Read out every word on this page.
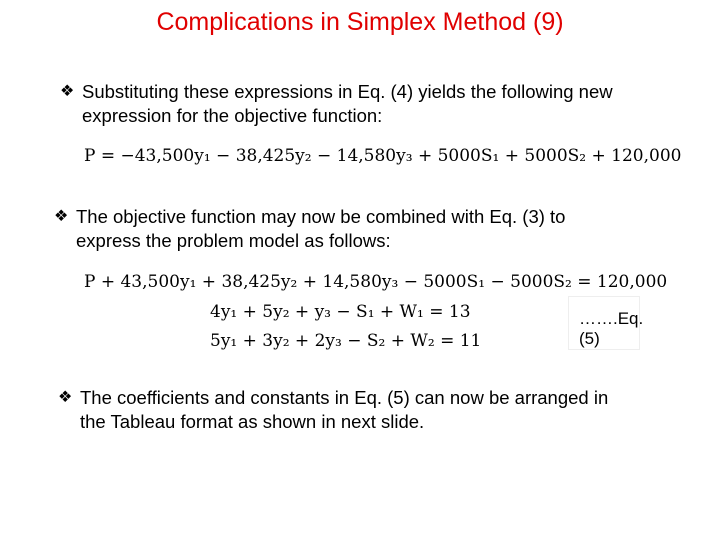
Complications in Simplex Method (9)
❖ Substituting these expressions in Eq. (4) yields the following new
expression for the objective function:
P = −43,500y₁ − 38,425y₂ − 14,580y₃ + 5000S₁ + 5000S₂ + 120,000
❖ The objective function may now be combined with Eq. (3) to
express the problem model as follows:
P + 43,500y₁ + 38,425y₂ + 14,580y₃ − 5000S₁ − 5000S₂ = 120,000
4y₁ + 5y₂ + y₃ − S₁ + W₁ = 13
5y₁ + 3y₂ + 2y₃ − S₂ + W₂ = 11
…….Eq. (5)
❖ The coefficients and constants in Eq. (5) can now be arranged in
the Tableau format as shown in next slide.
